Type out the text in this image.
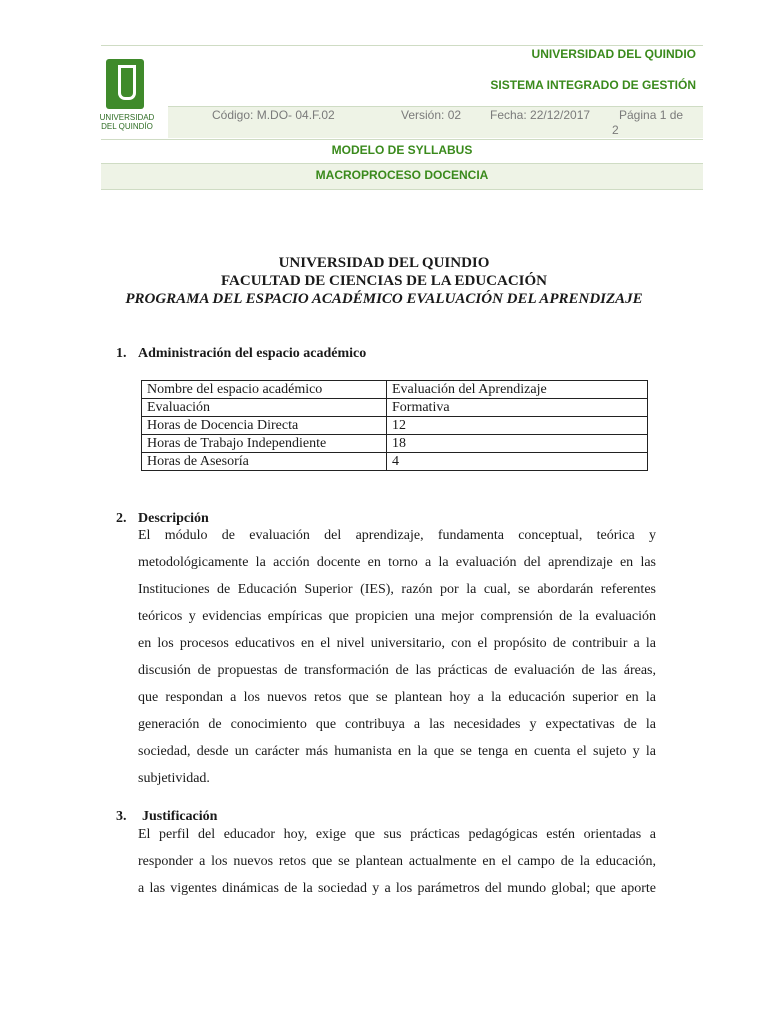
UNIVERSIDAD
DEL QUINDÍO
UNIVERSIDAD DEL QUINDIO
SISTEMA INTEGRADO DE GESTIÓN
Código: M.DO- 04.F.02	Versión: 02 Fecha: 22/12/2017 Página 1 de
2
MODELO DE SYLLABUS
MACROPROCESO DOCENCIA
UNIVERSIDAD DEL QUINDIO
FACULTAD DE CIENCIAS DE LA EDUCACIÓN
PROGRAMA DEL ESPACIO ACADÉMICO EVALUACIÓN DEL APRENDIZAJE
1. Administración del espacio académico
Nombre del espacio académico	Evaluación del Aprendizaje
Evaluación	Formativa
Horas de Docencia Directa	12
Horas de Trabajo Independiente	18
Horas de Asesoría	4
2. Descripción

El módulo de evaluación del aprendizaje, fundamenta conceptual, teórica y

metodológicamente la acción docente en torno a la evaluación del aprendizaje en las

Instituciones de Educación Superior (IES), razón por la cual, se abordarán referentes

teóricos y evidencias empíricas que propicien una mejor comprensión de la evaluación

en los procesos educativos en el nivel universitario, con el propósito de contribuir a la

discusión de propuestas de transformación de las prácticas de evaluación de las áreas,

que respondan a los nuevos retos que se plantean hoy a la educación superior en la

generación de conocimiento que contribuya a las necesidades y expectativas de la

sociedad, desde un carácter más humanista en la que se tenga en cuenta el sujeto y la

subjetividad.

3. Justificación

El perfil del educador hoy, exige que sus prácticas pedagógicas estén orientadas a

responder a los nuevos retos que se plantean actualmente en el campo de la educación,

a las vigentes dinámicas de la sociedad y a los parámetros del mundo global; que aporte
